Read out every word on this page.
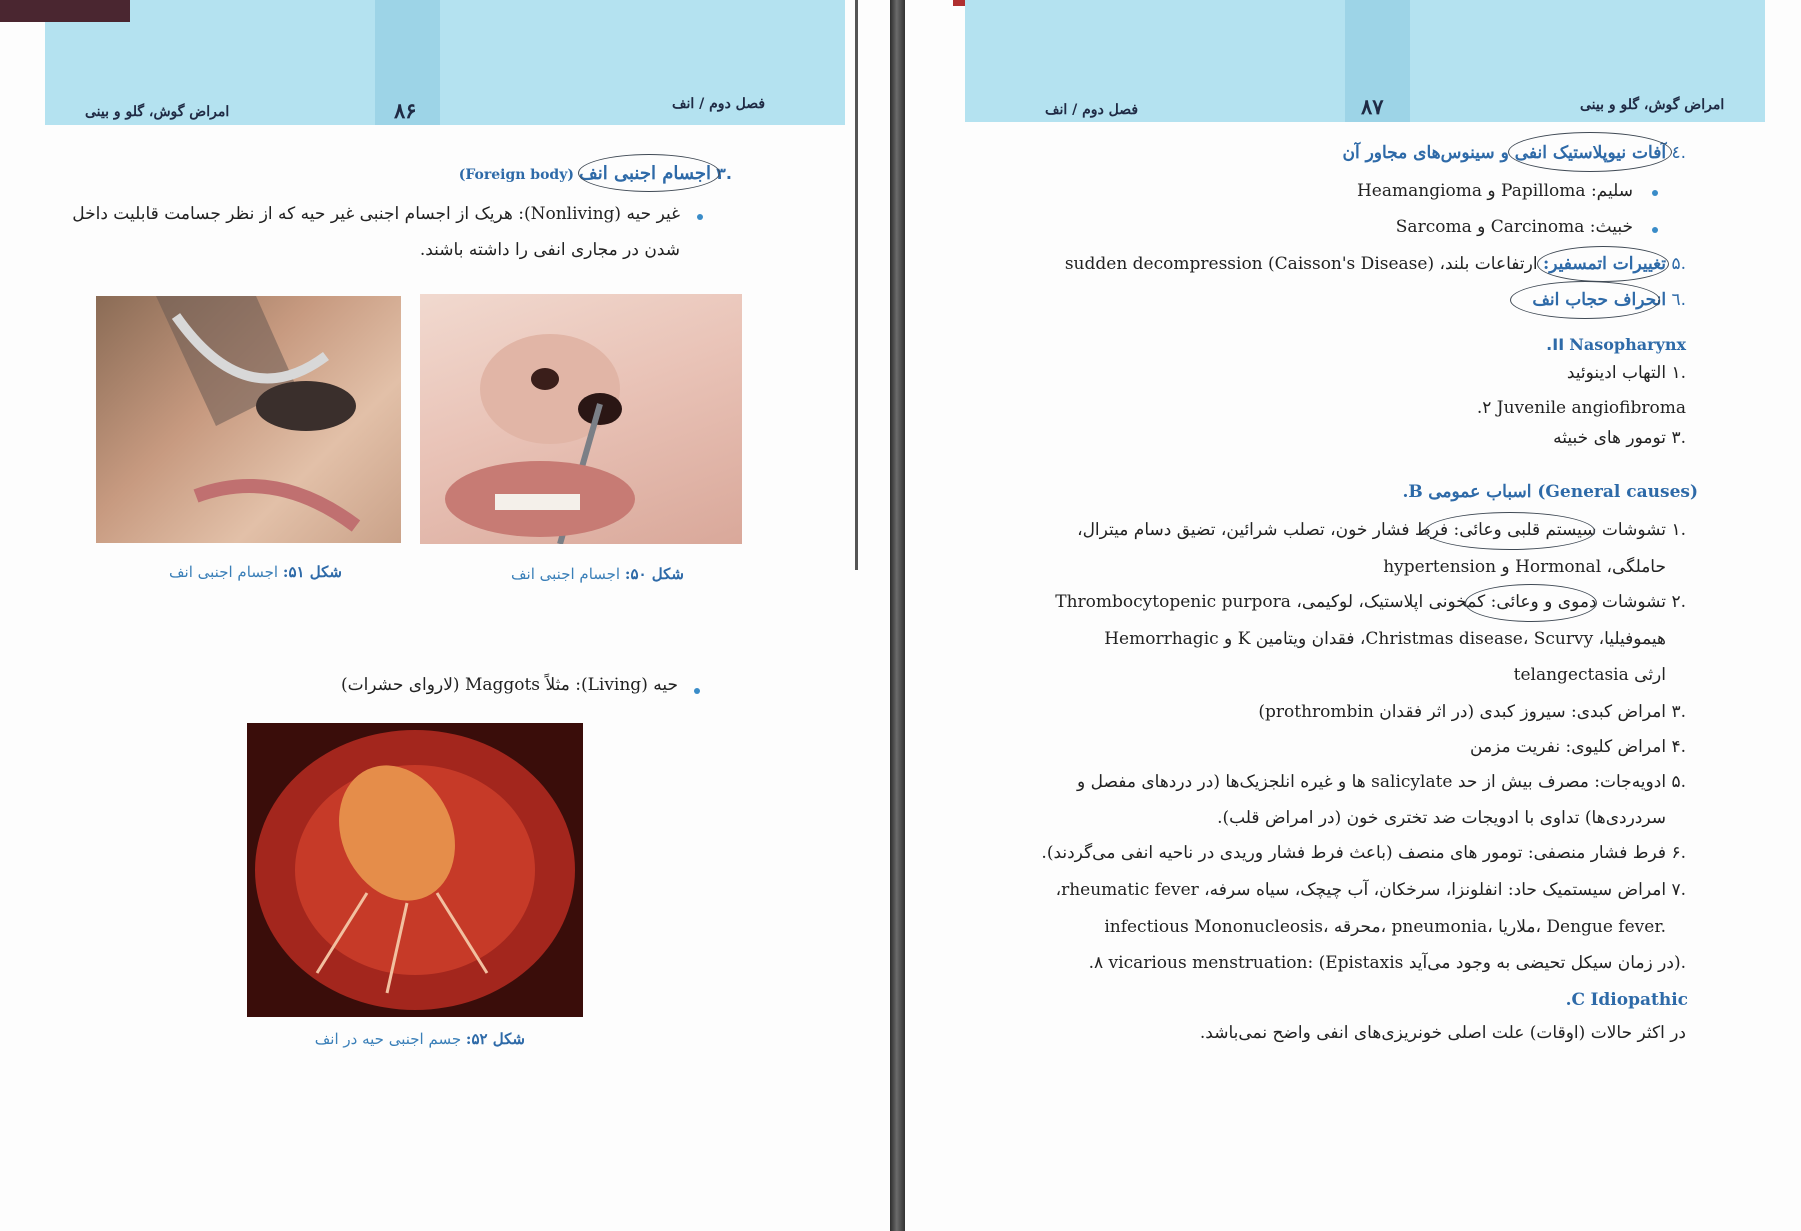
امراض گوش، گلو و بینی	۸۶	فصل دوم / انف
.۳ اجسام اجنبی انف (Foreign body)
غیر حیه (Nonliving): هریک از اجسام اجنبی غیر حیه که از نظر جسامت قابلیت داخل
شدن در مجاری انفی را داشته باشند.
شکل ۵۰: اجسام اجنبی انف
شکل ۵۱: اجسام اجنبی انف
حیه (Living): مثلاً Maggots (لاروای حشرات)
شکل ۵۲: جسم اجنبی حیه در انف
فصل دوم / انف	۸۷	امراض گوش، گلو و بینی
.٤ آفات نیوپلاستیک انفی و سینوس‌های مجاور آن
سلیم: Papilloma و Heamangioma
خبیث: Carcinoma و Sarcoma
.۵ تغییرات اتمسفیر: ارتفاعات بلند، sudden decompression (Caisson's Disease)
.٦ انحراف حجاب انف
.II Nasopharynx
.۱ التهاب ادینوئید
.۲ Juvenile angiofibroma
.۳ تومور های خبیثه
.B اسباب عمومی (General causes)
.۱ تشوشات سیستم قلبی وعائی: فرط فشار خون، تصلب شرائین، تضیق دسام میترال،
حاملگی، Hormonal و hypertension
.۲ تشوشات دموی و وعائی: کمخونی اپلاستیک، لوکیمی، Thrombocytopenic purpora
هیموفیلیا، Christmas disease، Scurvy، فقدان ویتامین K و Hemorrhagic
telangectasia ارثی
.۳ امراض کبدی: سیروز کبدی (در اثر فقدان prothrombin)
.۴ امراض کلیوی: نفریت مزمن
.۵ ادویه‌جات: مصرف بیش از حد salicylate ها و غیره انلجزیک‌ها (در دردهای مفصل و
سردردی‌ها) تداوی با ادویجات ضد تختری خون (در امراض قلب).
.۶ فرط فشار منصفی: تومور های منصف (باعث فرط فشار وریدی در ناحیه انفی می‌گردند).
.۷ امراض سیستمیک حاد: انفلونزا، سرخکان، آب چیچک، سیاه سرفه، rheumatic fever،
infectious Mononucleosis، محرقه، pneumonia، ملاریا، Dengue fever.
.۸ vicarious menstruation: (Epistaxis در زمان سیکل تحیضی به وجود می‌آید).
.C Idiopathic
در اکثر حالات (اوقات) علت اصلی خونریزی‌های انفی واضح نمی‌باشد.
